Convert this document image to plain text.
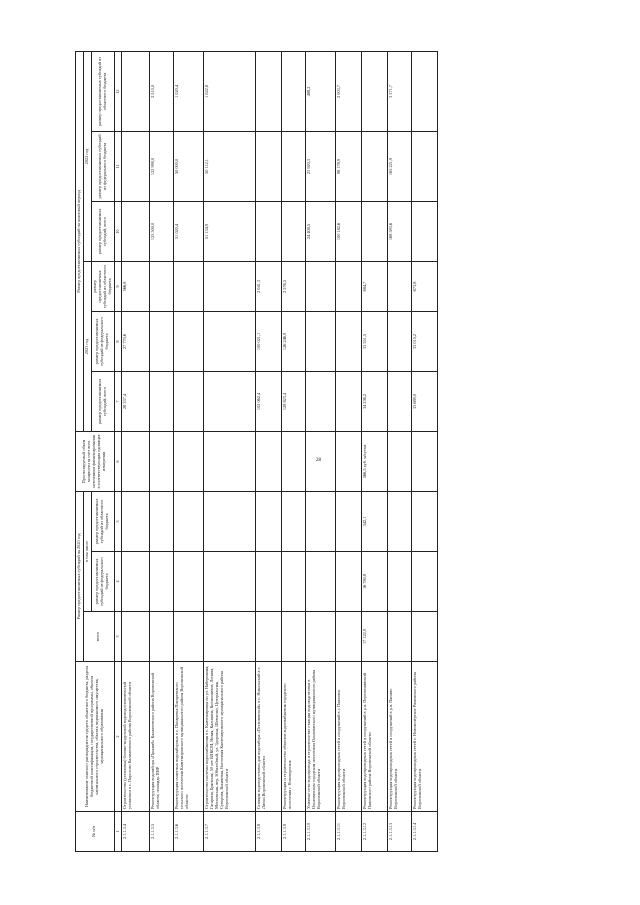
28
№ п/п	Наименование главного распорядителя средств областного бюджета, раздела бюджетной классификации, государственной программы, объекта капитального строительства, объекта недвижимого имущества, муниципального образования	Размер предоставляемых субсидий на 2020 год			Прогнозируемый объем мощности за счет всех источников финансирования в соответствующих единицах измерения	Размер предоставляемых субсидий на плановый период					
		всего	в том числе			2021 год			2022 год		
			размер предоставляемых субсидий из федерального бюджета	размер предоставляемых субсидий из областного бюджета		размер предоставляемых субсидий, всего	размер предоставляемых субсидий из федерального бюджета	размер предоставляемых субсидий из областного бюджета	размер предоставляемых субсидий, всего	размер предоставляемых субсидий из федерального бюджета	размер предоставляемых субсидий из областного бюджета
1	2	3	4	5	6	7	8	9	10	11	12
2.1.1.3.4	Строительство (установка) блочно-модульной водоподготовительной установки в с. Пирогово Калачеевского района Воронежской области					28 337,4	27 770,6	566,8			
2.1.1.3.5	Реконструкция водозабора «Пришиб» Калачеевского района Воронежской области, площадь ПНР								125 500,0	122 990,0	2 510,0
2.1.1.3.6	Реконструкция очистных водозаборных в с. Писаревка Писаревского сельского поселения Кантемировского муниципального района Воронежской области								51 020,4	50 000,0	1 020,4
2.1.1.3.7	Строительство системы водоснабжения в с. Кантемировка по ул. Набережная, Гагарина, Брянская, 50 лет ВЛКСМ, Новая, Калинина, Космонавтов, Ленина, Московская, пер. Юбилейный, ул. Здоровья, Шевченко, Центральная, Суворова, Вишневая, Восточная Кантемировского муниципального района Воронежской области								51 134,9	50 112,1	1 022,8
2.1.1.3.8	Станция водоподготовки для водозабора «Песковатский» в с. Никольский в с. Лиски Воронежской области					102 062,4	100 021,1	2 041,3			
2.1.1.3.9	Реконструкция и строительство объектов водоснабжения городского поселения г. Нововоронеж					128 823,4	126 246,9	2 576,5			
2.1.1.3.10	Уличные сети водопровода и строительство станции водоподготовки в Ольховатском городском поселении Ольховатского муниципального района Воронежской области								24 408,5	23 920,3	488,2
2.1.1.3.11	Реконструкция водопроводных сетей и сооружений в г. Павловск Воронежской области								100 182,6	98 178,9	2 003,7
2.1.1.3.12	Реконструкция водопроводных сетей и сооружений в р.п. Перелешинский Панинского района Воронежской области	17 122,9	16 780,8	342,1	566,5 куб. м/сутки	34 236,2	33 551,5	684,7			
2.1.1.3.13	Реконструкция водопроводных сетей и сооружений в р.п. Панино Воронежской области								168 593,6	165 221,9	3 371,7
2.1.1.3.14	Реконструкция водопроводных сетей с. Новохопёрское Рамонского района Воронежской области					33 689,0	33 015,2	673,8			
